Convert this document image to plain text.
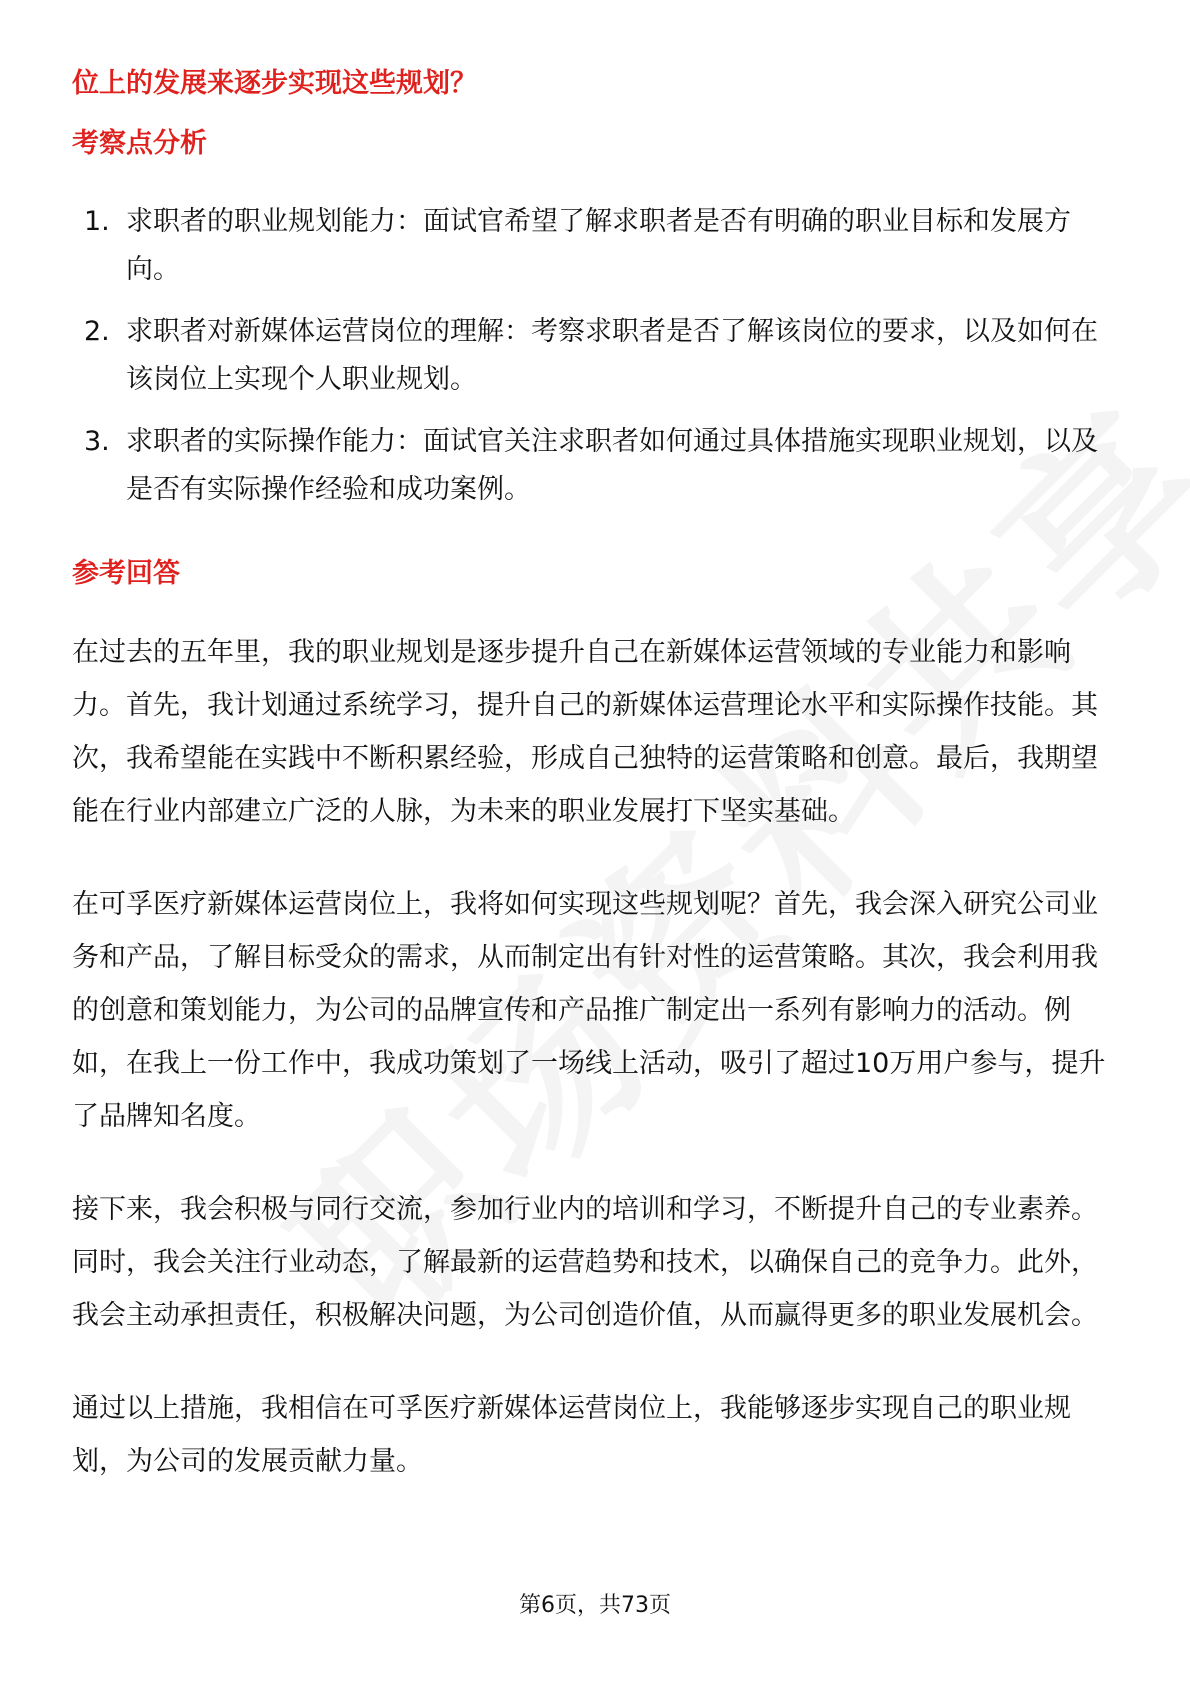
位上的发展来逐步实现这些规划？
考察点分析
1. 求职者的职业规划能力：面试官希望了解求职者是否有明确的职业目标和发展方向。
2. 求职者对新媒体运营岗位的理解：考察求职者是否了解该岗位的要求，以及如何在该岗位上实现个人职业规划。
3. 求职者的实际操作能力：面试官关注求职者如何通过具体措施实现职业规划，以及是否有实际操作经验和成功案例。
参考回答

在过去的五年里，我的职业规划是逐步提升自己在新媒体运营领域的专业能力和影响力。首先，我计划通过系统学习，提升自己的新媒体运营理论水平和实际操作技能。其次，我希望能在实践中不断积累经验，形成自己独特的运营策略和创意。最后，我期望能在行业内部建立广泛的人脉，为未来的职业发展打下坚实基础。

在可孚医疗新媒体运营岗位上，我将如何实现这些规划呢？首先，我会深入研究公司业务和产品，了解目标受众的需求，从而制定出有针对性的运营策略。其次，我会利用我的创意和策划能力，为公司的品牌宣传和产品推广制定出一系列有影响力的活动。例如，在我上一份工作中，我成功策划了一场线上活动，吸引了超过10万用户参与，提升了品牌知名度。

接下来，我会积极与同行交流，参加行业内的培训和学习，不断提升自己的专业素养。同时，我会关注行业动态，了解最新的运营趋势和技术，以确保自己的竞争力。此外，我会主动承担责任，积极解决问题，为公司创造价值，从而赢得更多的职业发展机会。

通过以上措施，我相信在可孚医疗新媒体运营岗位上，我能够逐步实现自己的职业规划，为公司的发展贡献力量。

第6页，共73页
